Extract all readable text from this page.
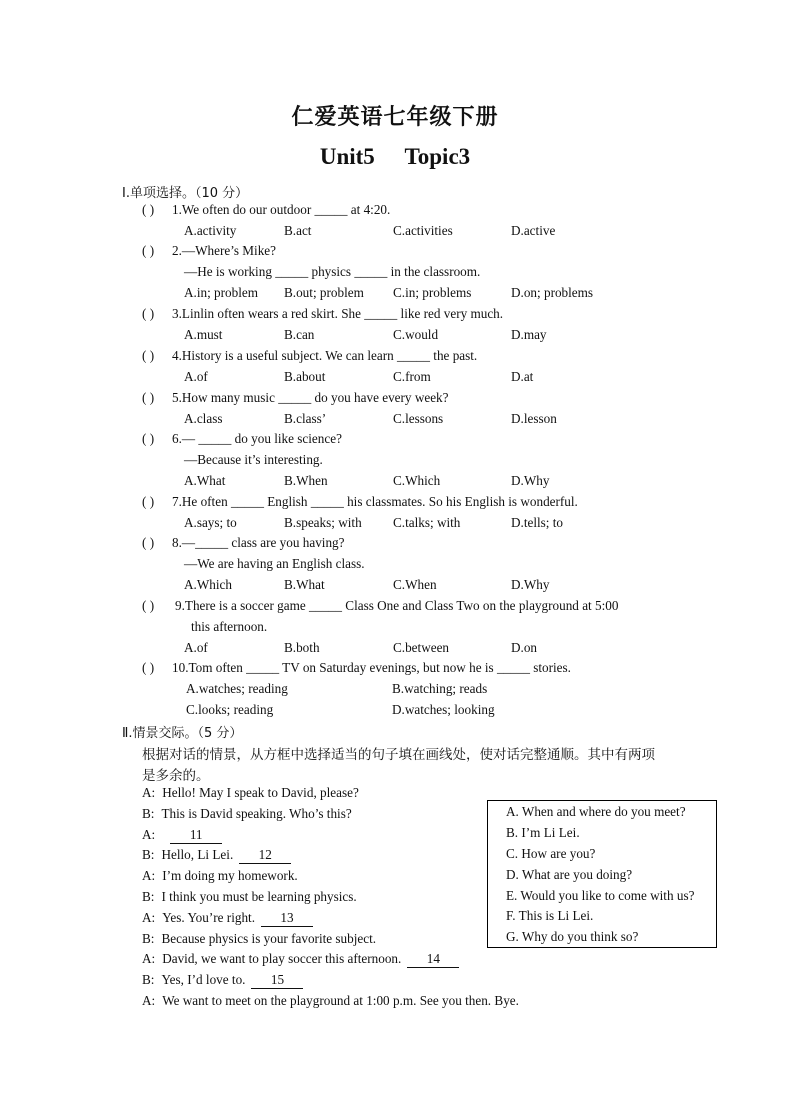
仁爱英语七年级下册
Unit5 Topic3
Ⅰ.单项选择。（10 分）
( ) 1.We often do our outdoor _____ at 4:20.
A.activity	B.act	C.activities	D.active
( ) 2.—Where’s Mike?
—He is working _____ physics _____ in the classroom.
A.in; problem B.out; problem C.in; problems	D.on; problems
( ) 3.Linlin often wears a red skirt. She _____ like red very much.
A.must	B.can	C.would	D.may
( ) 4.History is a useful subject. We can learn _____ the past.
A.of	B.about	C.from	D.at
( ) 5.How many music _____ do you have every week?
A.class	B.class’	C.lessons	D.lesson
( ) 6.— _____ do you like science?
—Because it’s interesting.
A.What	B.When	C.Which	D.Why
( ) 7.He often _____ English _____ his classmates. So his English is wonderful.
A.says; to	B.speaks; with C.talks; with	D.tells; to
( ) 8.—_____ class are you having?
—We are having an English class.
A.Which	B.What	C.When	D.Why
( ) 9.There is a soccer game _____ Class One and Class Two on the playground at 5:00
this afternoon.
A.of	B.both	C.between	D.on
( ) 10.Tom often _____ TV on Saturday evenings, but now he is _____ stories.
A.watches; reading	B.watching; reads
C.looks; reading	D.watches; looking
Ⅱ.情景交际。（5 分）
根据对话的情景，从方框中选择适当的句子填在画线处，使对话完整通顺。其中有两项
是多余的。
A: Hello! May I speak to David, please?
B: This is David speaking. Who’s this?
A:	11
B: Hello, Li Lei. 12
A: I’m doing my homework.
B: I think you must be learning physics.
A: Yes. You’re right. 13
B: Because physics is your favorite subject.
A: David, we want to play soccer this afternoon. 14
B: Yes, I’d love to. 15
A: We want to meet on the playground at 1:00 p.m. See you then. Bye.
A. When and where do you meet?
B. I’m Li Lei.
C. How are you?
D. What are you doing?
E. Would you like to come with us?
F. This is Li Lei.
G. Why do you think so?
